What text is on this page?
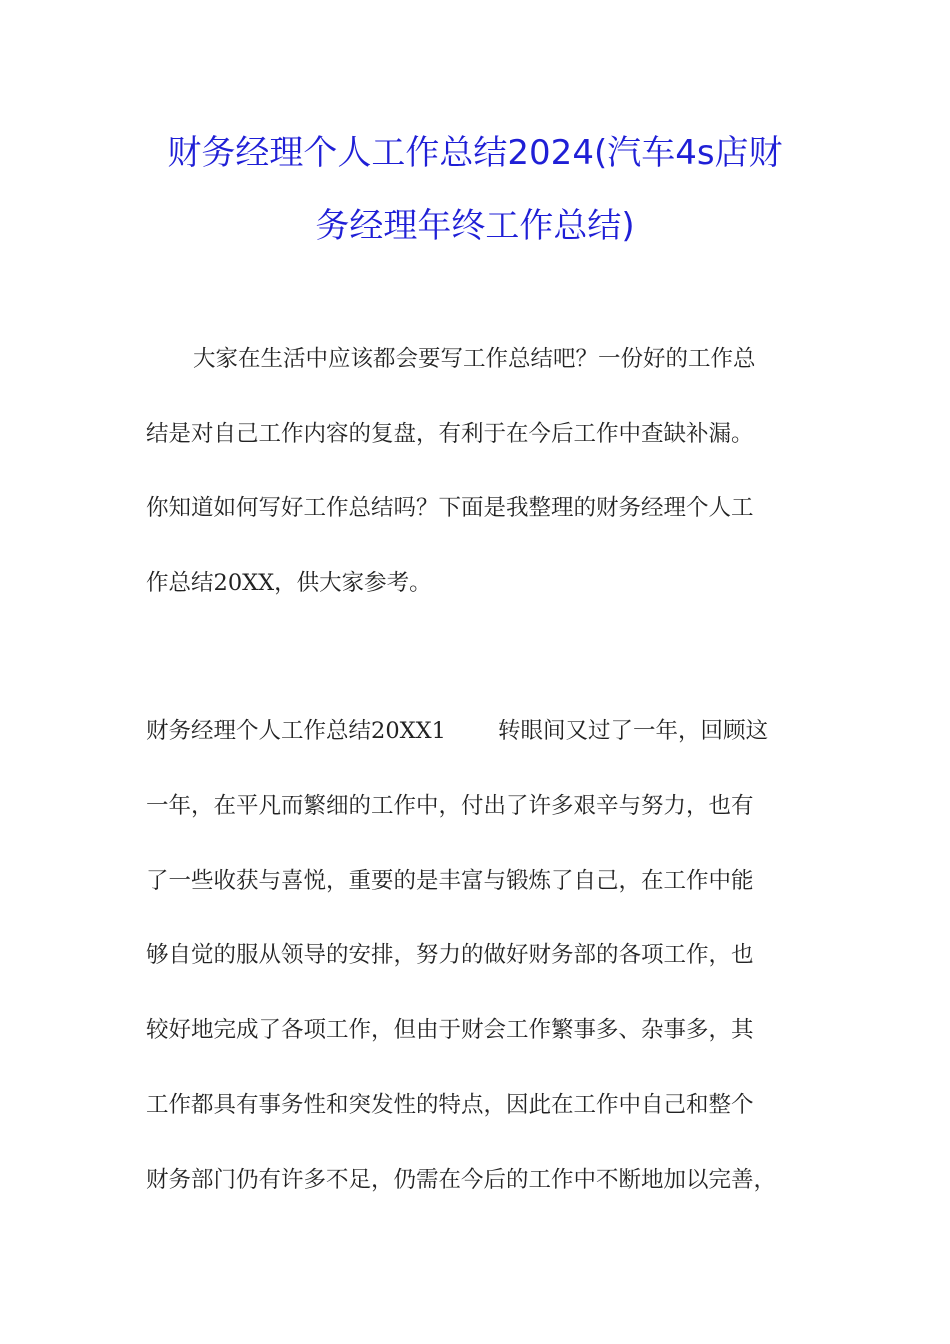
财务经理个人工作总结2024(汽车4s店财
务经理年终工作总结)
大家在生活中应该都会要写工作总结吧？一份好的工作总
结是对自己工作内容的复盘，有利于在今后工作中查缺补漏。
你知道如何写好工作总结吗？下面是我整理的财务经理个人工
作总结20XX，供大家参考。
财务经理个人工作总结20XX1 转眼间又过了一年，回顾这
一年，在平凡而繁细的工作中，付出了许多艰辛与努力，也有
了一些收获与喜悦，重要的是丰富与锻炼了自己，在工作中能
够自觉的服从领导的安排，努力的做好财务部的各项工作，也
较好地完成了各项工作，但由于财会工作繁事多、杂事多，其
工作都具有事务性和突发性的特点，因此在工作中自己和整个
财务部门仍有许多不足，仍需在今后的工作中不断地加以完善，
